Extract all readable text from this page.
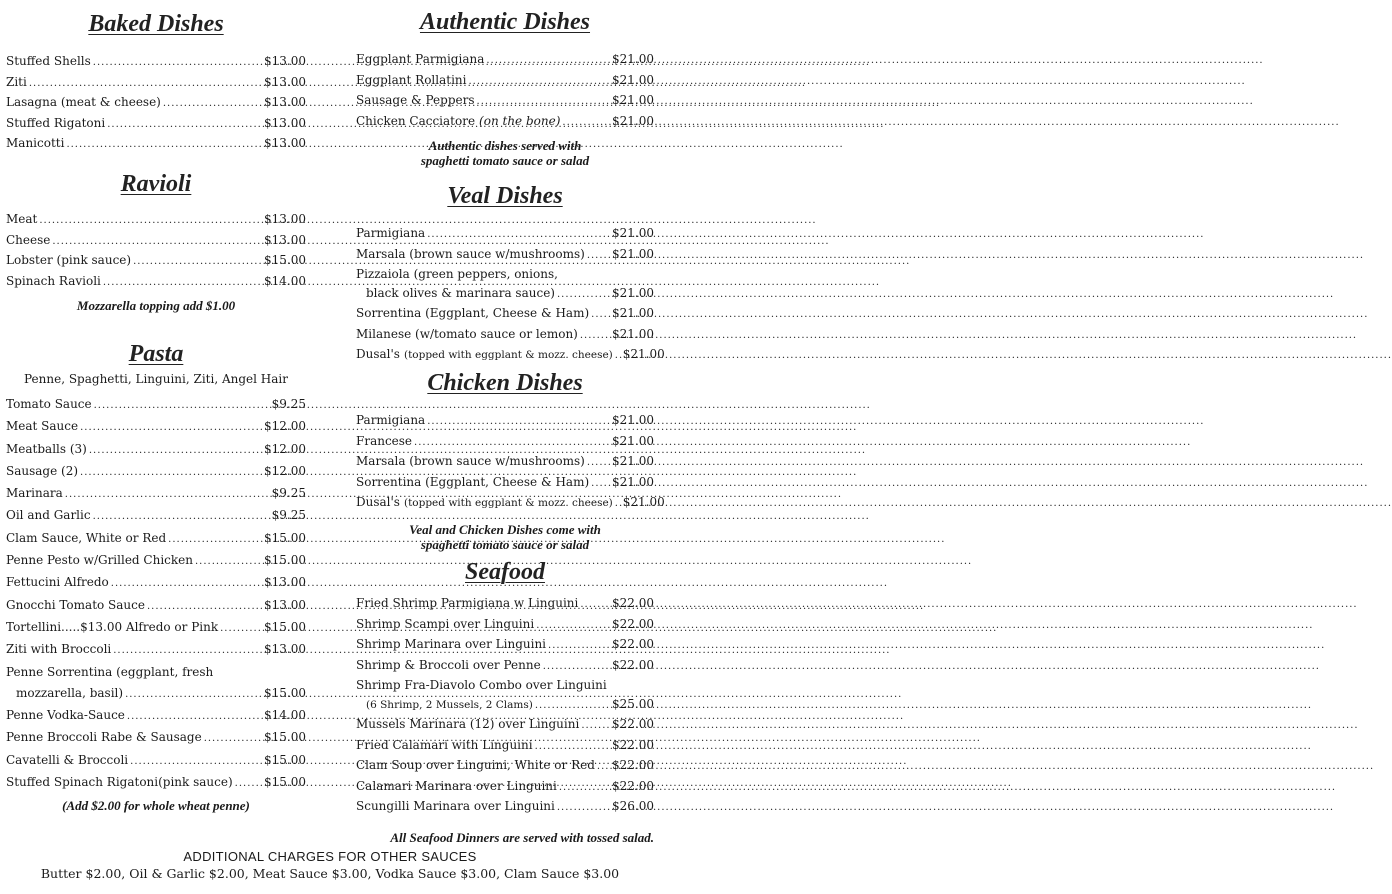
Baked Dishes
Stuffed Shells .....	$13.00
Ziti .....	$13.00
Lasagna (meat & cheese) .....	$13.00
Stuffed Rigatoni .....	$13.00
Manicotti .....	$13.00
Ravioli
Meat .....	$13.00
Cheese .....	$13.00
Lobster (pink sauce) .....	$15.00
Spinach Ravioli .....	$14.00
Mozzarella topping add $1.00
Pasta
Penne, Spaghetti, Linguini, Ziti, Angel Hair
Tomato Sauce .....	$9.25
Meat Sauce .....	$12.00
Meatballs (3) .....	$12.00
Sausage (2) .....	$12.00
Marinara .....	$9.25
Oil and Garlic .....	$9.25
Clam Sauce, White or Red .....	$15.00
Penne Pesto w/Grilled Chicken .....	$15.00
Fettucini Alfredo .....	$13.00
Gnocchi Tomato Sauce .....	$13.00
Tortellini.....$13.00 Alfredo or Pink .....	$15.00
Ziti with Broccoli .....	$13.00
Penne Sorrentina (eggplant, fresh
mozzarella, basil) .....	$15.00
Penne Vodka-Sauce .....	$14.00
Penne Broccoli Rabe & Sausage .....	$15.00
Cavatelli & Broccoli .....	$15.00
Stuffed Spinach Rigatoni(pink sauce) .....	$15.00
(Add $2.00 for whole wheat penne)
Authentic Dishes
Eggplant Parmigiana .....	$21.00
Eggplant Rollatini .....	$21.00
Sausage & Peppers .....	$21.00
Chicken Cacciatore (on the bone) .....	$21.00
Authentic dishes served with
spaghetti tomato sauce or salad
Veal Dishes
Parmigiana .....	$21.00
Marsala (brown sauce w/mushrooms) ..... $21.00
Pizzaiola (green peppers, onions,
black olives & marinara sauce) .....	$21.00
Sorrentina (Eggplant, Cheese & Ham) ..... $21.00
Milanese (w/tomato sauce or lemon) .....	$21.00
Dusal's (topped with eggplant & mozz. cheese) ..... $21.00
Chicken Dishes
Parmigiana .....	$21.00
Francese .....	$21.00
Marsala (brown sauce w/mushrooms) ..... $21.00
Sorrentina (Eggplant, Cheese & Ham) ..... $21.00
Dusal's (topped with eggplant & mozz. cheese) ..... $21.00
Veal and Chicken Dishes come with
spaghetti tomato sauce or salad
Seafood
Fried Shrimp Parmigiana w Linguini .....	$22.00
Shrimp Scampi over Linguini .....	$22.00
Shrimp Marinara over Linguini .....	$22.00
Shrimp & Broccoli over Penne .....	$22.00
Shrimp Fra-Diavolo Combo over Linguini
(6 Shrimp, 2 Mussels, 2 Clams) .....	$25.00
Mussels Marinara (12) over Linguini .....	$22.00
Fried Calamari with Linguini .....	$22.00
Clam Soup over Linguini, White or Red ..... $22.00
Calamari Marinara over Linguini .....	$22.00
Scungilli Marinara over Linguini .....	$26.00
All Seafood Dinners are served with tossed salad.
ADDITIONAL CHARGES FOR OTHER SAUCES
Butter $2.00, Oil & Garlic $2.00, Meat Sauce $3.00, Vodka Sauce $3.00, Clam Sauce $3.00
